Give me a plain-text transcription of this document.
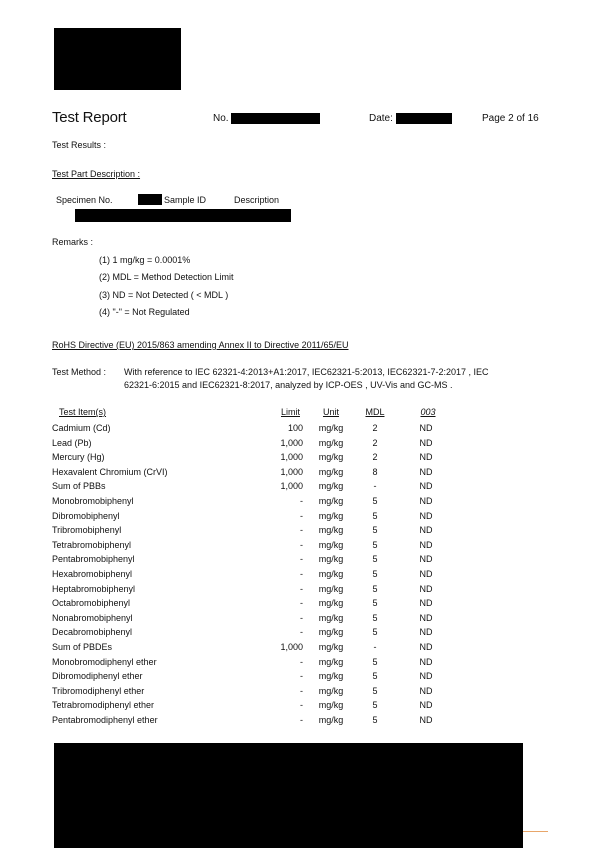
Test Report	No.	Date:	Page 2 of 16
Test Results :
Test Part Description :
Specimen No.	Sample ID	Description
Remarks :
(1) 1 mg/kg = 0.0001%
(2) MDL = Method Detection Limit
(3) ND = Not Detected ( < MDL )
(4) "-" = Not Regulated
RoHS Directive (EU) 2015/863 amending Annex II to Directive 2011/65/EU
Test Method : With reference to IEC 62321-4:2013+A1:2017, IEC62321-5:2013, IEC62321-7-2:2017 , IEC
62321-6:2015 and IEC62321-8:2017, analyzed by ICP-OES , UV-Vis and GC-MS .
Test Item(s)	Limit	Unit	MDL	003
Cadmium (Cd)	100	mg/kg	2	ND
Lead (Pb)	1,000	mg/kg	2	ND
Mercury (Hg)	1,000	mg/kg	2	ND
Hexavalent Chromium (CrVI)	1,000	mg/kg	8	ND
Sum of PBBs	1,000	mg/kg	-	ND
Monobromobiphenyl	-	mg/kg	5	ND
Dibromobiphenyl	-	mg/kg	5	ND
Tribromobiphenyl	-	mg/kg	5	ND
Tetrabromobiphenyl	-	mg/kg	5	ND
Pentabromobiphenyl	-	mg/kg	5	ND
Hexabromobiphenyl	-	mg/kg	5	ND
Heptabromobiphenyl	-	mg/kg	5	ND
Octabromobiphenyl	-	mg/kg	5	ND
Nonabromobiphenyl	-	mg/kg	5	ND
Decabromobiphenyl	-	mg/kg	5	ND
Sum of PBDEs	1,000	mg/kg	-	ND
Monobromodiphenyl ether	-	mg/kg	5	ND
Dibromodiphenyl ether	-	mg/kg	5	ND
Tribromodiphenyl ether	-	mg/kg	5	ND
Tetrabromodiphenyl ether	-	mg/kg	5	ND
Pentabromodiphenyl ether	-	mg/kg	5	ND
